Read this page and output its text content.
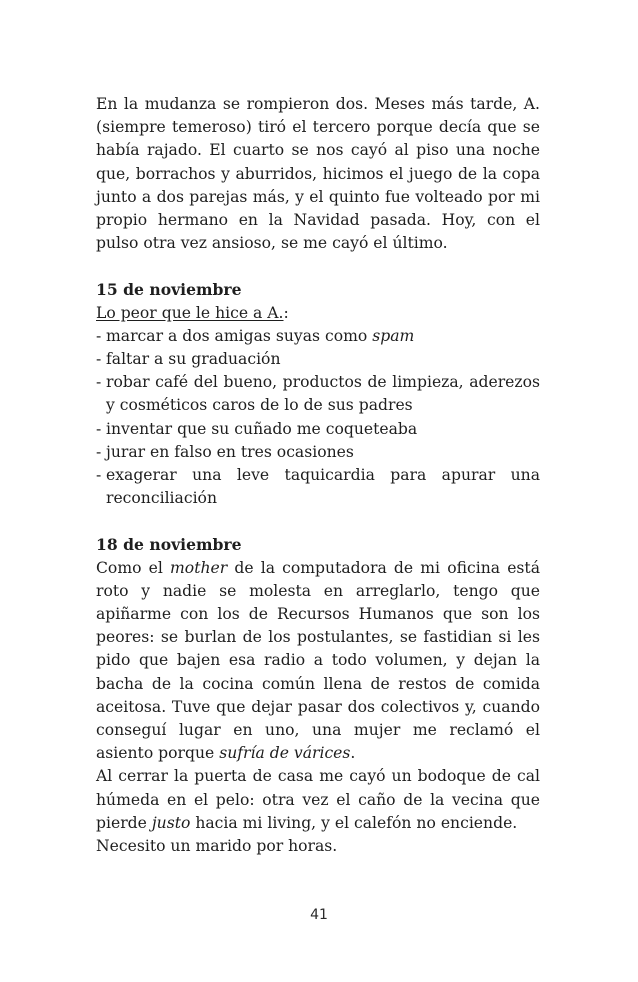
En la mudanza se rompieron dos. Meses más tarde, A. (siempre temeroso) tiró el tercero porque decía que se había rajado. El cuarto se nos cayó al piso una noche que, borrachos y aburridos, hicimos el juego de la copa junto a dos parejas más, y el quinto fue volteado por mi propio hermano en la Navidad pasada. Hoy, con el pulso otra vez ansioso, se me cayó el último.

15 de noviembre

Lo peor que le hice a A.:

- marcar a dos amigas suyas como spam
- faltar a su graduación
- robar café del bueno, productos de limpieza, aderezos y cosméticos caros de lo de sus padres
- inventar que su cuñado me coqueteaba
- jurar en falso en tres ocasiones
- exagerar una leve taquicardia para apurar una reconciliación

18 de noviembre

Como el mother de la computadora de mi oficina está roto y nadie se molesta en arreglarlo, tengo que apiñarme con los de Recursos Humanos que son los peores: se burlan de los postulantes, se fastidian si les pido que bajen esa radio a todo volumen, y dejan la bacha de la cocina común llena de restos de comida aceitosa. Tuve que dejar pasar dos colectivos y, cuando conseguí lugar en uno, una mujer me reclamó el asiento porque sufría de várices.

Al cerrar la puerta de casa me cayó un bodoque de cal húmeda en el pelo: otra vez el caño de la vecina que pierde justo hacia mi living, y el calefón no enciende.

Necesito un marido por horas.

41
